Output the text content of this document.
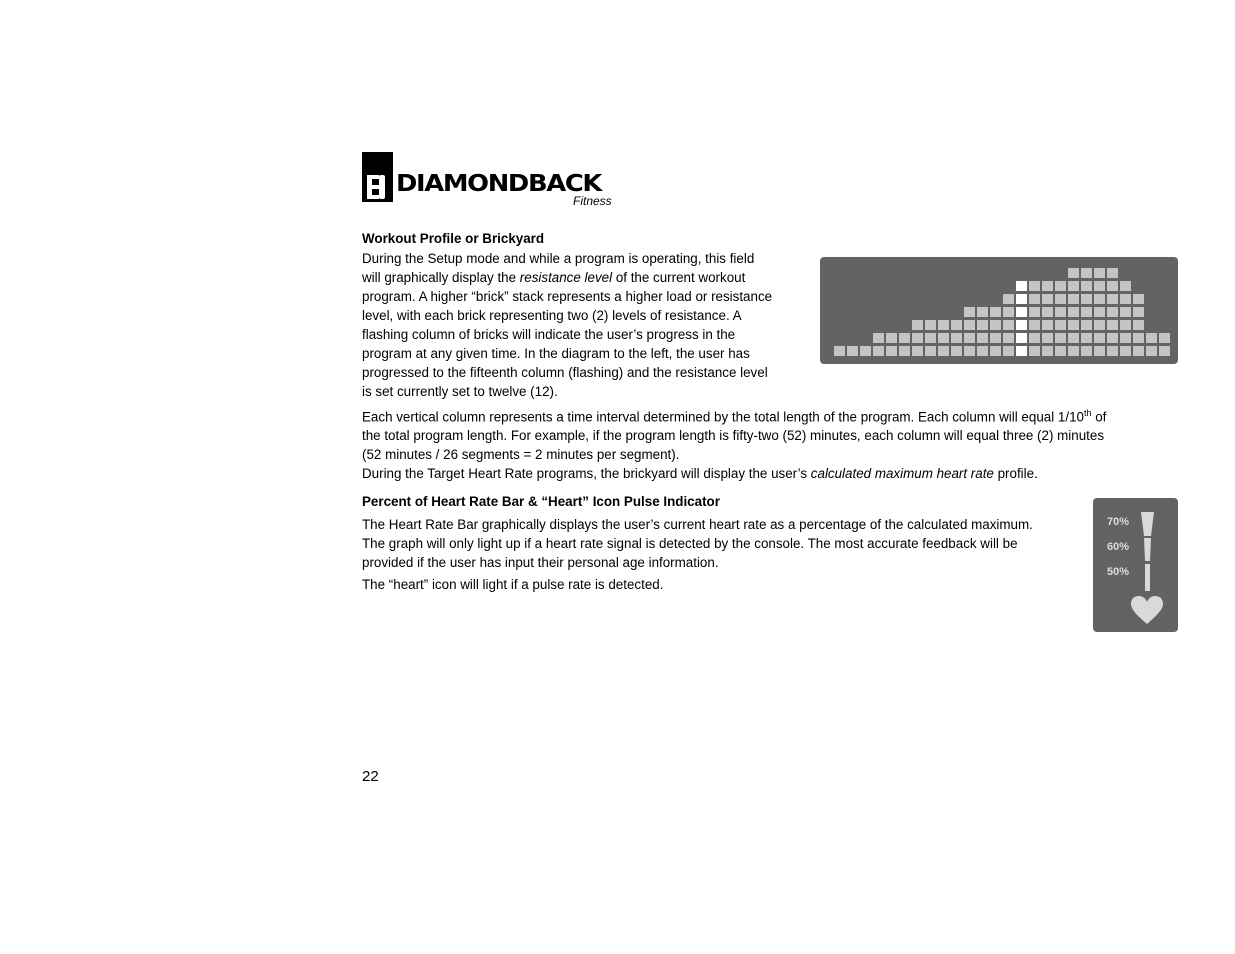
DIAMONDBACK
Fitness
Workout Profile or Brickyard
During the Setup mode and while a program is operating, this field
will graphically display the resistance level of the current workout
program. A higher “brick” stack represents a higher load or resistance
level, with each brick representing two (2) levels of resistance. A
flashing column of bricks will indicate the user’s progress in the
program at any given time. In the diagram to the left, the user has
progressed to the fifteenth column (flashing) and the resistance level
is set currently set to twelve (12).
Each vertical column represents a time interval determined by the total length of the program. Each column will equal 1/10th of
the total program length. For example, if the program length is fifty-two (52) minutes, each column will equal three (2) minutes
(52 minutes / 26 segments = 2 minutes per segment).
During the Target Heart Rate programs, the brickyard will display the user’s calculated maximum heart rate profile.
Percent of Heart Rate Bar & “Heart” Icon Pulse Indicator
The Heart Rate Bar graphically displays the user’s current heart rate as a percentage of the calculated maximum.
The graph will only light up if a heart rate signal is detected by the console. The most accurate feedback will be
provided if the user has input their personal age information.
The “heart” icon will light if a pulse rate is detected.
70%
60%
50%
22
